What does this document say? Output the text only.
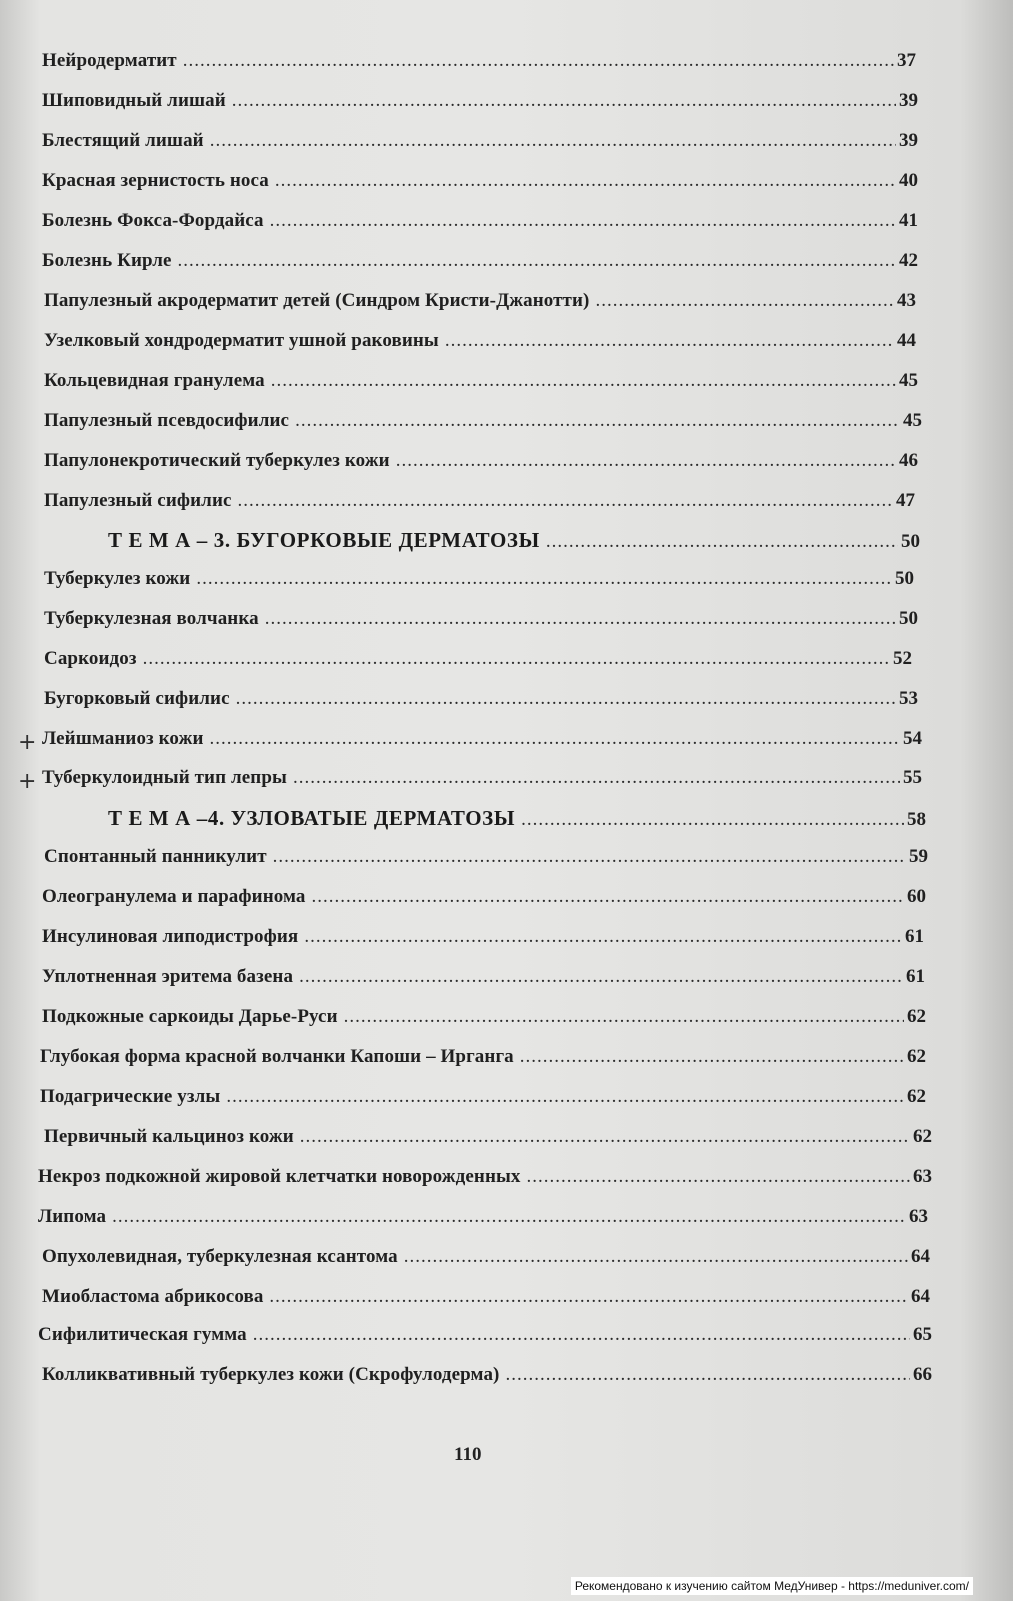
Нейродерматит .....	37
Шиповидный лишай .....	39
Блестящий лишай .....	39
Красная зернистость носа .....	40
Болезнь Фокса-Фордайса .....	41
Болезнь Кирле .....	42
Папулезный акродерматит детей (Синдром Кристи-Джанотти) .....	43
Узелковый хондродерматит ушной раковины .....	44
Кольцевидная гранулема .....	45
Папулезный псевдосифилис .....	45
Папулонекротический туберкулез кожи .....	46
Папулезный сифилис .....	47
Т Е М А – 3. БУГОРКОВЫЕ ДЕРМАТОЗЫ .....	50
Туберкулез кожи .....	50
Туберкулезная волчанка .....	50
Саркоидоз .....	52
Бугорковый сифилис .....	53
Лейшманиоз кожи .....	54
+
Туберкулоидный тип лепры .....	55
+
Т Е М А –4. УЗЛОВАТЫЕ ДЕРМАТОЗЫ .....	58
Спонтанный панникулит .....	59
Олеогранулема и парафинома .....	60
Инсулиновая липодистрофия .....	61
Уплотненная эритема базена .....	61
Подкожные саркоиды Дарье-Руси .....	62
Глубокая форма красной волчанки Капоши – Ирганга .....	62
Подагрические узлы .....	62
Первичный кальциноз кожи .....	62
Некроз подкожной жировой клетчатки новорожденных .....	63
Липома .....	63
Опухолевидная, туберкулезная ксантома .....	64
Миобластома абрикосова .....	64
Сифилитическая гумма .....	65
Колликвативный туберкулез кожи (Скрофулодерма) .....	66
110
Рекомендовано к изучению сайтом МедУнивер - https://meduniver.com/
